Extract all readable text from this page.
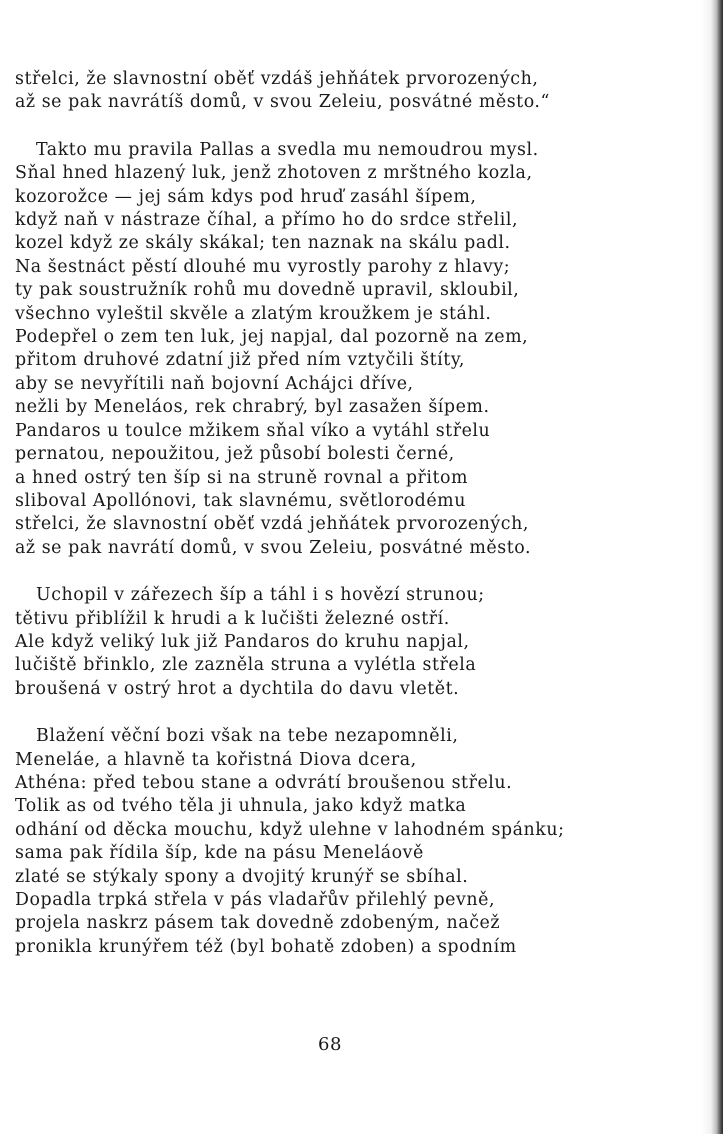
střelci, že slavnostní oběť vzdáš jehňátek prvorozených,
až se pak navrátíš domů, v svou Zeleiu, posvátné město.“
Takto mu pravila Pallas a svedla mu nemoudrou mysl.
Sňal hned hlazený luk, jenž zhotoven z mrštného kozla,
kozorožce — jej sám kdys pod hruď zasáhl šípem,
když naň v nástraze číhal, a přímo ho do srdce střelil,
kozel když ze skály skákal; ten naznak na skálu padl.
Na šestnáct pěstí dlouhé mu vyrostly parohy z hlavy;
ty pak soustružník rohů mu dovedně upravil, skloubil,
všechno vyleštil skvěle a zlatým kroužkem je stáhl.
Podepřel o zem ten luk, jej napjal, dal pozorně na zem,
přitom druhové zdatní již před ním vztyčili štíty,
aby se nevyřítili naň bojovní Achájci dříve,
nežli by Meneláos, rek chrabrý, byl zasažen šípem.
Pandaros u toulce mžikem sňal víko a vytáhl střelu
pernatou, nepoužitou, jež působí bolesti černé,
a hned ostrý ten šíp si na struně rovnal a přitom
sliboval Apollónovi, tak slavnému, světlorodému
střelci, že slavnostní oběť vzdá jehňátek prvorozených,
až se pak navrátí domů, v svou Zeleiu, posvátné město.
Uchopil v zářezech šíp a táhl i s hovězí strunou;
tětivu přiblížil k hrudi a k lučišti železné ostří.
Ale když veliký luk již Pandaros do kruhu napjal,
lučiště břinklo, zle zazněla struna a vylétla střela
broušená v ostrý hrot a dychtila do davu vletět.
Blažení věční bozi však na tebe nezapomněli,
Meneláe, a hlavně ta kořistná Diova dcera,
Athéna: před tebou stane a odvrátí broušenou střelu.
Tolik as od tvého těla ji uhnula, jako když matka
odhání od děcka mouchu, když ulehne v lahodném spánku;
sama pak řídila šíp, kde na pásu Meneláově
zlaté se stýkaly spony a dvojitý krunýř se sbíhal.
Dopadla trpká střela v pás vladařův přilehlý pevně,
projela naskrz pásem tak dovedně zdobeným, načež
pronikla krunýřem též (byl bohatě zdoben) a spodním
68
